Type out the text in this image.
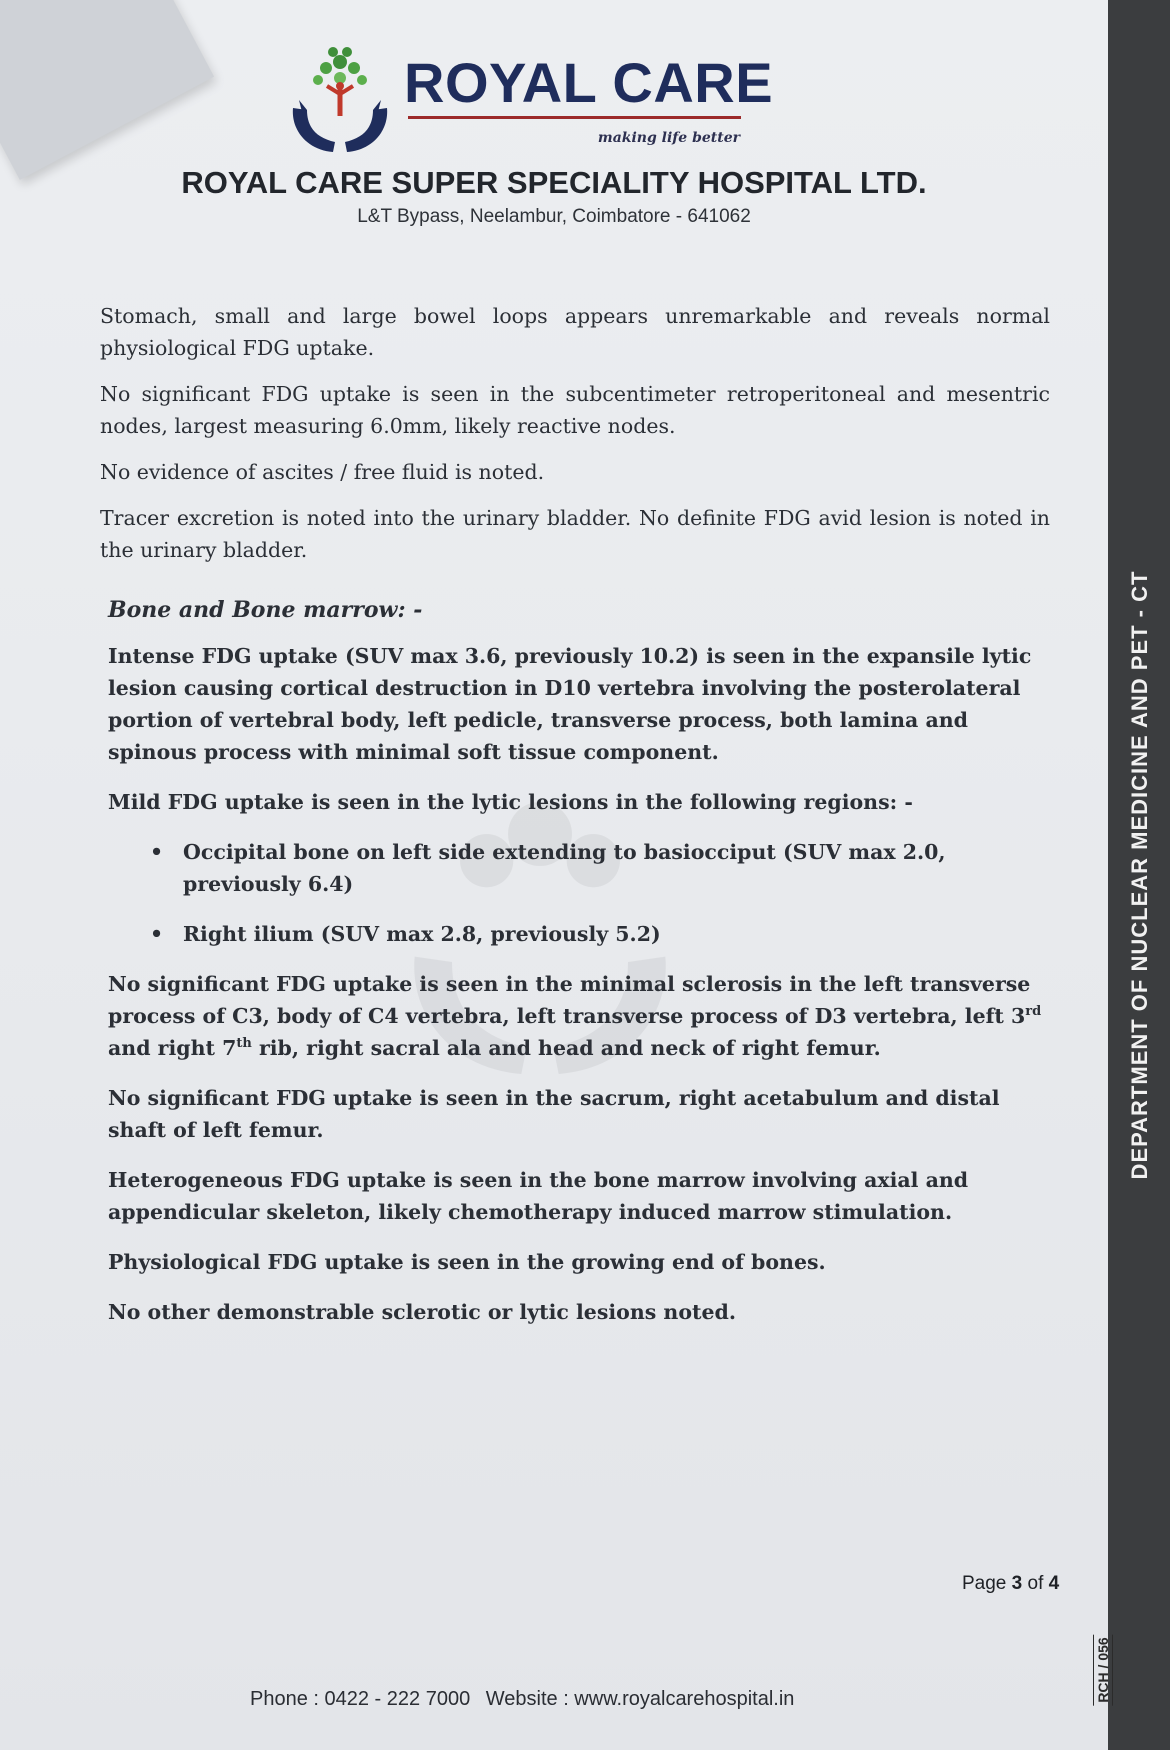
ROYAL CARE
making life better
ROYAL CARE SUPER SPECIALITY HOSPITAL LTD.
L&T Bypass, Neelambur, Coimbatore - 641062

Stomach, small and large bowel loops appears unremarkable and reveals normal physiological FDG uptake.

No significant FDG uptake is seen in the subcentimeter retroperitoneal and mesentric nodes, largest measuring 6.0mm, likely reactive nodes.

No evidence of ascites / free fluid is noted.

Tracer excretion is noted into the urinary bladder. No definite FDG avid lesion is noted in the urinary bladder.

Bone and Bone marrow: -

Intense FDG uptake (SUV max 3.6, previously 10.2) is seen in the expansile lytic lesion causing cortical destruction in D10 vertebra involving the posterolateral portion of vertebral body, left pedicle, transverse process, both lamina and spinous process with minimal soft tissue component.

Mild FDG uptake is seen in the lytic lesions in the following regions: -

• Occipital bone on left side extending to basiocciput (SUV max 2.0, previously 6.4)
• Right ilium (SUV max 2.8, previously 5.2)

No significant FDG uptake is seen in the minimal sclerosis in the left transverse process of C3, body of C4 vertebra, left transverse process of D3 vertebra, left 3rd and right 7th rib, right sacral ala and head and neck of right femur.

No significant FDG uptake is seen in the sacrum, right acetabulum and distal shaft of left femur.

Heterogeneous FDG uptake is seen in the bone marrow involving axial and appendicular skeleton, likely chemotherapy induced marrow stimulation.

Physiological FDG uptake is seen in the growing end of bones.

No other demonstrable sclerotic or lytic lesions noted.

Page 3 of 4
Phone : 0422 - 222 7000 Website : www.royalcarehospital.in
DEPARTMENT OF NUCLEAR MEDICINE AND PET - CT
RCH / 056
